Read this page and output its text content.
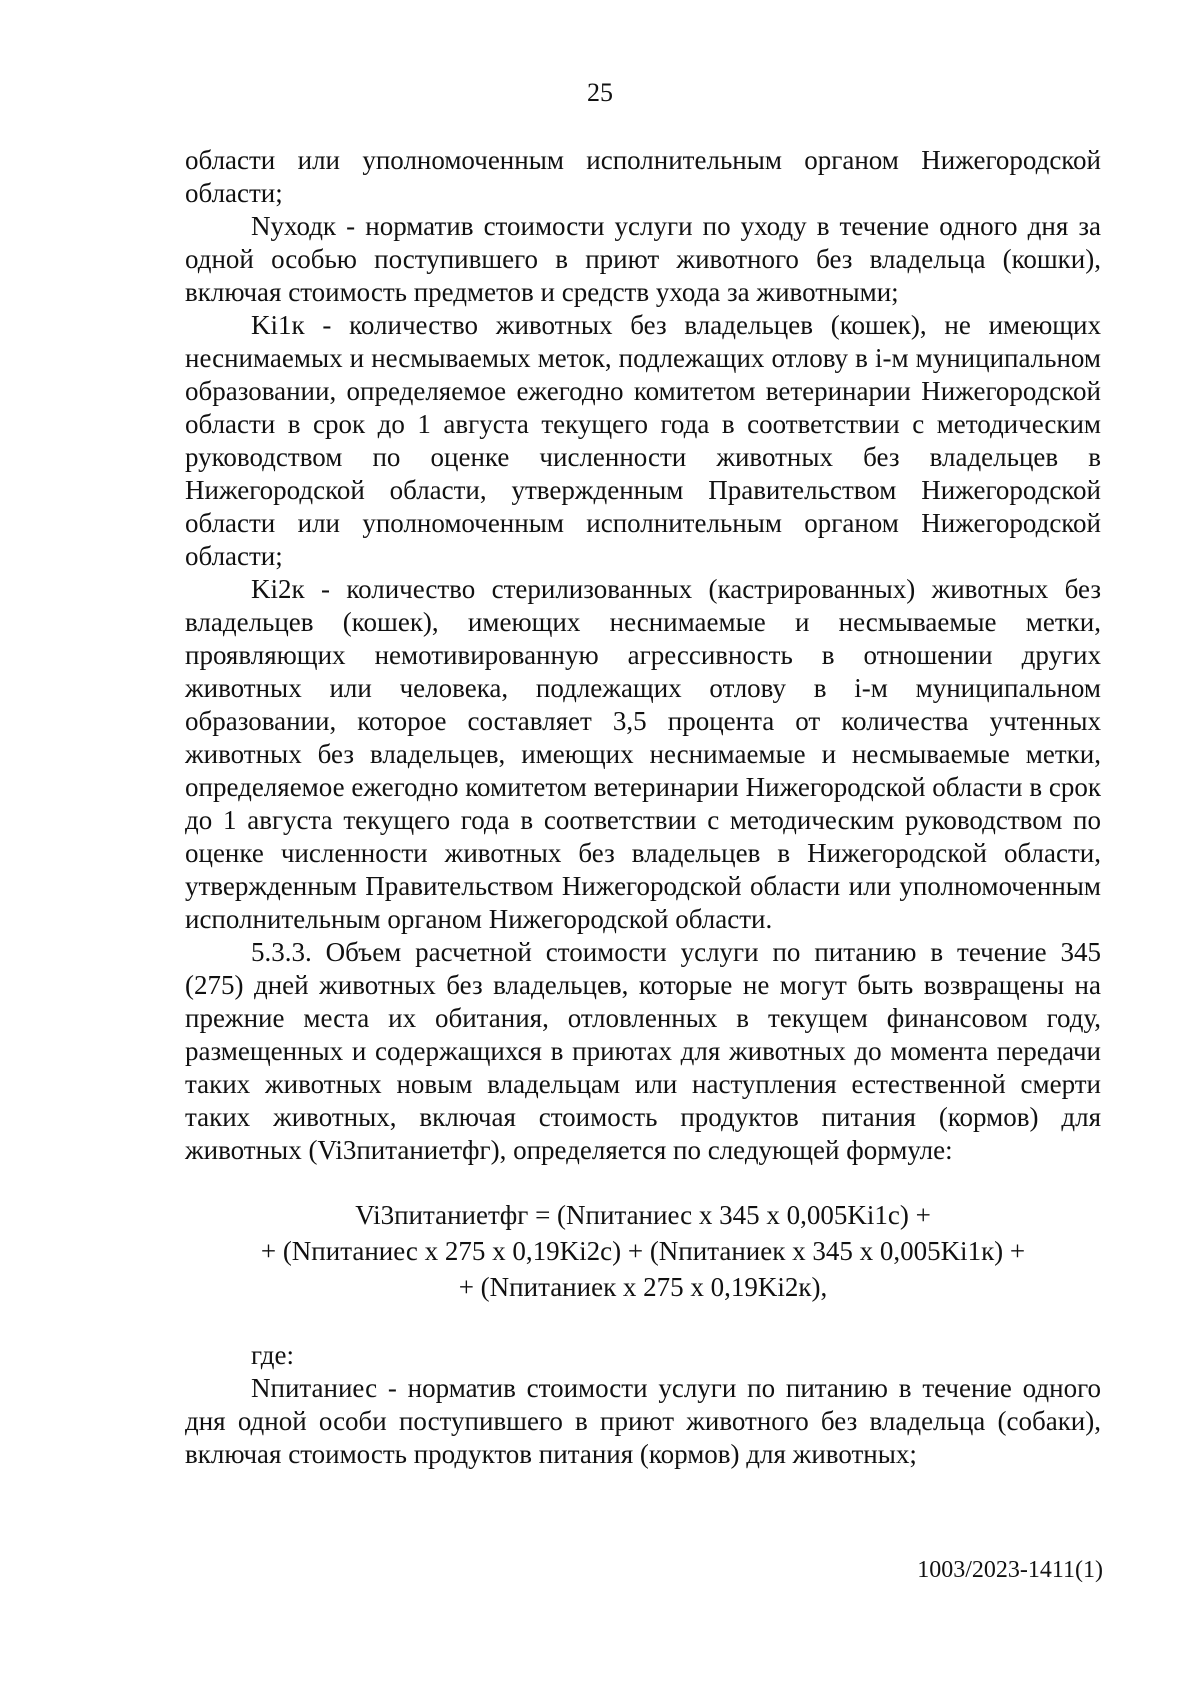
25

области или уполномоченным исполнительным органом Нижегородской области;

Nуходк - норматив стоимости услуги по уходу в течение одного дня за одной особью поступившего в приют животного без владельца (кошки), включая стоимость предметов и средств ухода за животными;

Ki1к - количество животных без владельцев (кошек), не имеющих неснимаемых и несмываемых меток, подлежащих отлову в i-м муниципальном образовании, определяемое ежегодно комитетом ветеринарии Нижегородской области в срок до 1 августа текущего года в соответствии с методическим руководством по оценке численности животных без владельцев в Нижегородской области, утвержденным Правительством Нижегородской области или уполномоченным исполнительным органом Нижегородской области;

Ki2к - количество стерилизованных (кастрированных) животных без владельцев (кошек), имеющих неснимаемые и несмываемые метки, проявляющих немотивированную агрессивность в отношении других животных или человека, подлежащих отлову в i-м муниципальном образовании, которое составляет 3,5 процента от количества учтенных животных без владельцев, имеющих неснимаемые и несмываемые метки, определяемое ежегодно комитетом ветеринарии Нижегородской области в срок до 1 августа текущего года в соответствии с методическим руководством по оценке численности животных без владельцев в Нижегородской области, утвержденным Правительством Нижегородской области или уполномоченным исполнительным органом Нижегородской области.

5.3.3. Объем расчетной стоимости услуги по питанию в течение 345 (275) дней животных без владельцев, которые не могут быть возвращены на прежние места их обитания, отловленных в текущем финансовом году, размещенных и содержащихся в приютах для животных до момента передачи таких животных новым владельцам или наступления естественной смерти таких животных, включая стоимость продуктов питания (кормов) для животных (Vi3питаниетфг), определяется по следующей формуле:

Vi3питаниетфг = (Nпитаниес x 345 x 0,005Ki1с) +
+ (Nпитаниес x 275 x 0,19Ki2с) + (Nпитаниек x 345 x 0,005Ki1к) +
+ (Nпитаниек x 275 x 0,19Ki2к),

где:

Nпитаниес - норматив стоимости услуги по питанию в течение одного дня одной особи поступившего в приют животного без владельца (собаки), включая стоимость продуктов питания (кормов) для животных;

1003/2023-1411(1)
